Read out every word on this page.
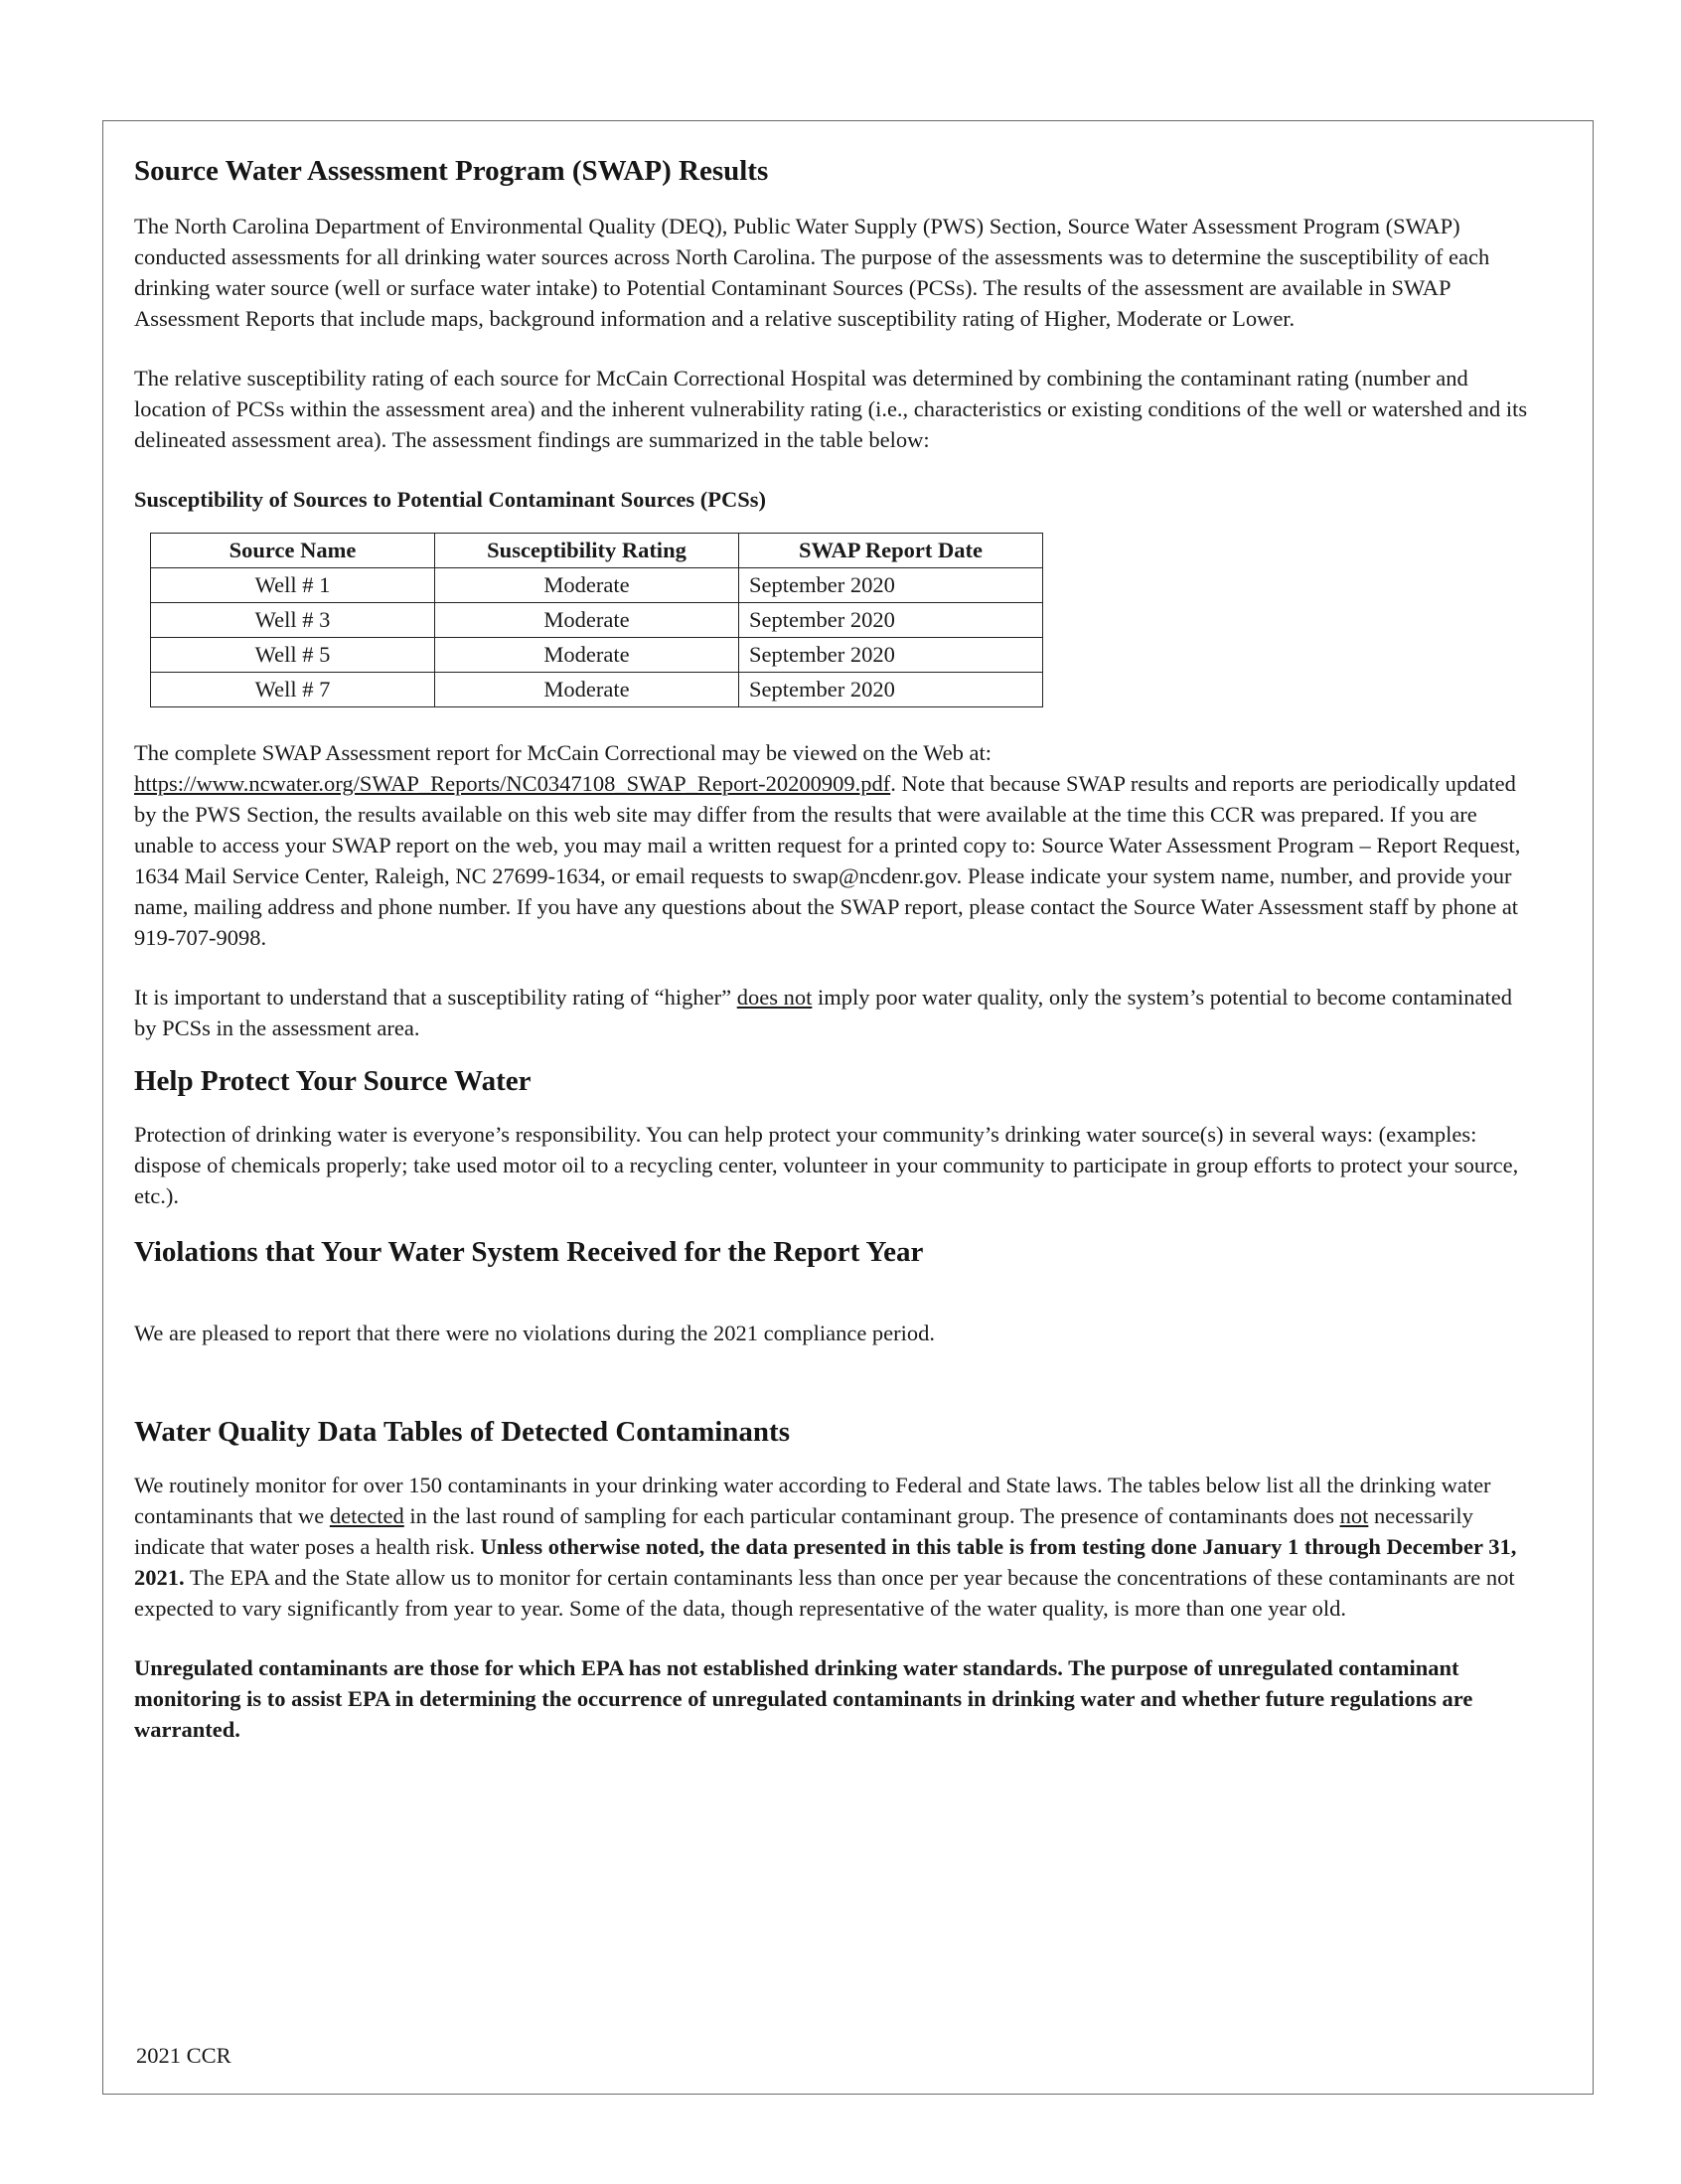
Source Water Assessment Program (SWAP) Results

The North Carolina Department of Environmental Quality (DEQ), Public Water Supply (PWS) Section, Source Water Assessment Program (SWAP) conducted assessments for all drinking water sources across North Carolina. The purpose of the assessments was to determine the susceptibility of each drinking water source (well or surface water intake) to Potential Contaminant Sources (PCSs). The results of the assessment are available in SWAP Assessment Reports that include maps, background information and a relative susceptibility rating of Higher, Moderate or Lower.

The relative susceptibility rating of each source for McCain Correctional Hospital was determined by combining the contaminant rating (number and location of PCSs within the assessment area) and the inherent vulnerability rating (i.e., characteristics or existing conditions of the well or watershed and its delineated assessment area). The assessment findings are summarized in the table below:

Susceptibility of Sources to Potential Contaminant Sources (PCSs)

Source Name	Susceptibility Rating	SWAP Report Date
Well # 1	Moderate	September 2020
Well # 3	Moderate	September 2020
Well # 5	Moderate	September 2020
Well # 7	Moderate	September 2020

The complete SWAP Assessment report for McCain Correctional may be viewed on the Web at: https://www.ncwater.org/SWAP_Reports/NC0347108_SWAP_Report-20200909.pdf. Note that because SWAP results and reports are periodically updated by the PWS Section, the results available on this web site may differ from the results that were available at the time this CCR was prepared. If you are unable to access your SWAP report on the web, you may mail a written request for a printed copy to: Source Water Assessment Program – Report Request, 1634 Mail Service Center, Raleigh, NC 27699-1634, or email requests to swap@ncdenr.gov. Please indicate your system name, number, and provide your name, mailing address and phone number. If you have any questions about the SWAP report, please contact the Source Water Assessment staff by phone at 919-707-9098.

It is important to understand that a susceptibility rating of “higher” does not imply poor water quality, only the system’s potential to become contaminated by PCSs in the assessment area.

Help Protect Your Source Water

Protection of drinking water is everyone’s responsibility. You can help protect your community’s drinking water source(s) in several ways: (examples: dispose of chemicals properly; take used motor oil to a recycling center, volunteer in your community to participate in group efforts to protect your source, etc.).

Violations that Your Water System Received for the Report Year

We are pleased to report that there were no violations during the 2021 compliance period.

Water Quality Data Tables of Detected Contaminants

We routinely monitor for over 150 contaminants in your drinking water according to Federal and State laws. The tables below list all the drinking water contaminants that we detected in the last round of sampling for each particular contaminant group. The presence of contaminants does not necessarily indicate that water poses a health risk. Unless otherwise noted, the data presented in this table is from testing done January 1 through December 31, 2021. The EPA and the State allow us to monitor for certain contaminants less than once per year because the concentrations of these contaminants are not expected to vary significantly from year to year. Some of the data, though representative of the water quality, is more than one year old.

Unregulated contaminants are those for which EPA has not established drinking water standards. The purpose of unregulated contaminant monitoring is to assist EPA in determining the occurrence of unregulated contaminants in drinking water and whether future regulations are warranted.

2021 CCR
